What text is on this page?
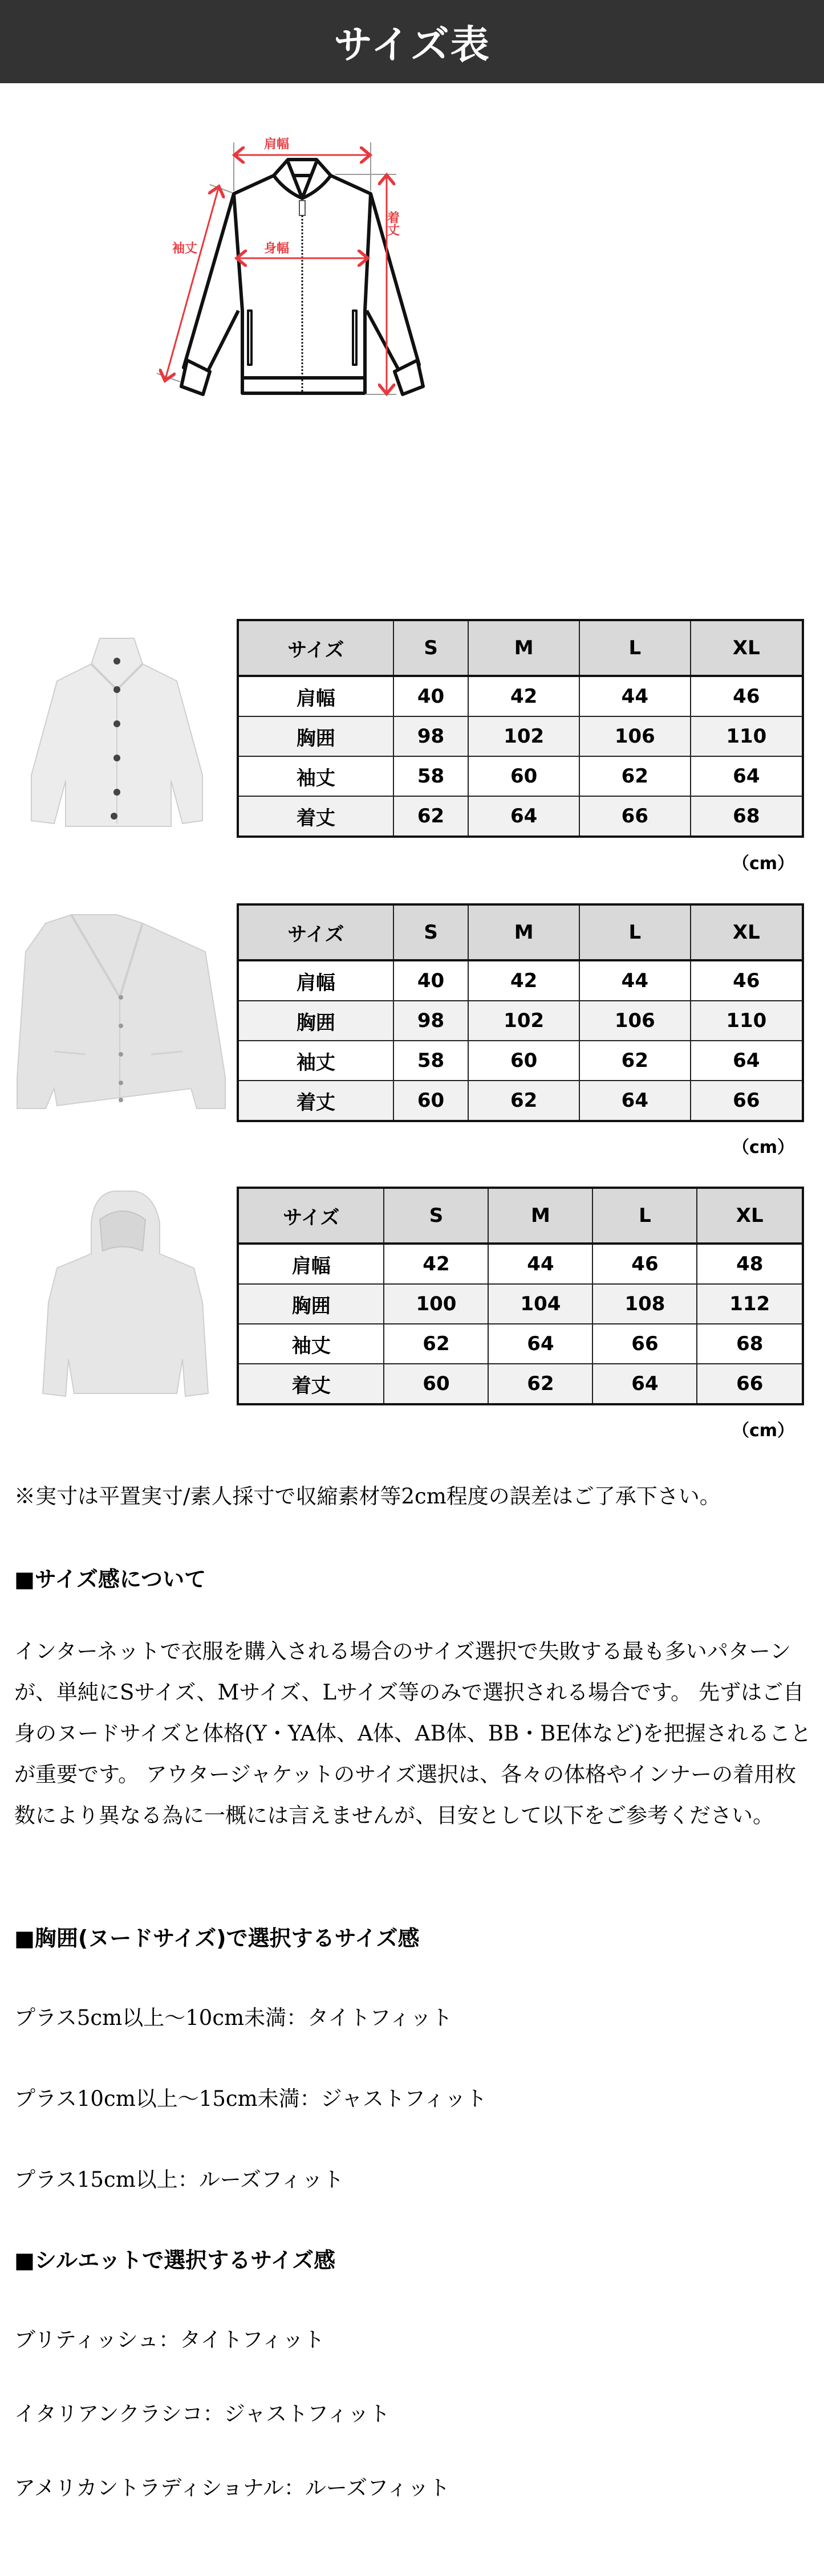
サイズ表
肩幅
身幅
袖丈
着丈
サイズ	S	M	L	XL
肩幅	40	42	44	46
胸囲	98	102	106	110
袖丈	58	60	62	64
着丈	62	64	66	68
（cm）
サイズ	S	M	L	XL
肩幅	40	42	44	46
胸囲	98	102	106	110
袖丈	58	60	62	64
着丈	60	62	64	66
（cm）
サイズ	S	M	L	XL
肩幅	42	44	46	48
胸囲	100	104	108	112
袖丈	62	64	66	68
着丈	60	62	64	66
（cm）
※実寸は平置実寸/素人採寸で収縮素材等2cm程度の誤差はご了承下さい。
■サイズ感について
インターネットで衣服を購入される場合のサイズ選択で失敗する最も多いパターンが、単純にSサイズ、Mサイズ、Lサイズ等のみで選択される場合です。 先ずはご自身のヌードサイズと体格(Y・YA体、A体、AB体、BB・BE体など)を把握されることが重要です。 アウタージャケットのサイズ選択は、各々の体格やインナーの着用枚数により異なる為に一概には言えませんが、目安として以下をご参考ください。
■胸囲(ヌードサイズ)で選択するサイズ感
プラス5cm以上〜10cm未満：タイトフィット
プラス10cm以上〜15cm未満：ジャストフィット
プラス15cm以上：ルーズフィット
■シルエットで選択するサイズ感
ブリティッシュ：タイトフィット
イタリアンクラシコ：ジャストフィット
アメリカントラディショナル：ルーズフィット
